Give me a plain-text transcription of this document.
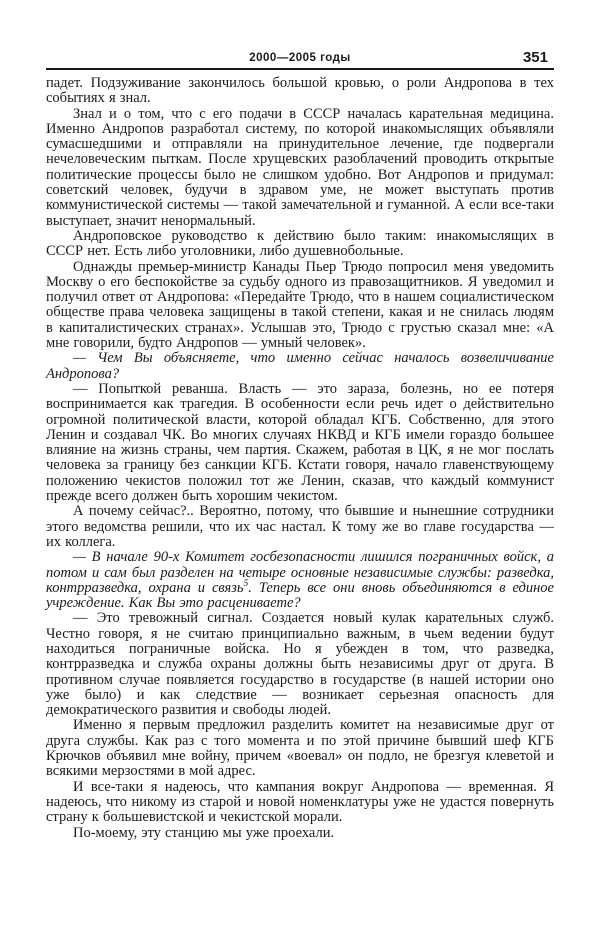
2000—2005 годы	351

падет. Подзуживание закончилось большой кровью, о роли Андропова в тех событиях я знал.

Знал и о том, что с его подачи в СССР началась карательная медицина. Именно Андропов разработал систему, по которой инакомыслящих объявляли сумасшедшими и отправляли на принудительное лечение, где подвергали нечеловеческим пыткам. После хрущевских разоблачений проводить открытые политические процессы было не слишком удобно. Вот Андропов и придумал: советский человек, будучи в здравом уме, не может выступать против коммунистической системы — такой замечательной и гуманной. А если все-таки выступает, значит ненормальный.

Андроповское руководство к действию было таким: инакомыслящих в СССР нет. Есть либо уголовники, либо душевнобольные.

Однажды премьер-министр Канады Пьер Трюдо попросил меня уведомить Москву о его беспокойстве за судьбу одного из правозащитников. Я уведомил и получил ответ от Андропова: «Передайте Трюдо, что в нашем социалистическом обществе права человека защищены в такой степени, какая и не снилась людям в капиталистических странах». Услышав это, Трюдо с грустью сказал мне: «А мне говорили, будто Андропов — умный человек».

— Чем Вы объясняете, что именно сейчас началось возвеличивание Андропова?

— Попыткой реванша. Власть — это зараза, болезнь, но ее потеря воспринимается как трагедия. В особенности если речь идет о действительно огромной политической власти, которой обладал КГБ. Собственно, для этого Ленин и создавал ЧК. Во многих случаях НКВД и КГБ имели гораздо большее влияние на жизнь страны, чем партия. Скажем, работая в ЦК, я не мог послать человека за границу без санкции КГБ. Кстати говоря, начало главенствующему положению чекистов положил тот же Ленин, сказав, что каждый коммунист прежде всего должен быть хорошим чекистом.

А почему сейчас?.. Вероятно, потому, что бывшие и нынешние сотрудники этого ведомства решили, что их час настал. К тому же во главе государства — их коллега.

— В начале 90-х Комитет госбезопасности лишился пограничных войск, а потом и сам был разделен на четыре основные независимые службы: разведка, контрразведка, охрана и связь$^5$. Теперь все они вновь объединяются в единое учреждение. Как Вы это расцениваете?

— Это тревожный сигнал. Создается новый кулак карательных служб. Честно говоря, я не считаю принципиально важным, в чьем ведении будут находиться пограничные войска. Но я убежден в том, что разведка, контрразведка и служба охраны должны быть независимы друг от друга. В противном случае появляется государство в государстве (в нашей истории оно уже было) и как следствие — возникает серьезная опасность для демократического развития и свободы людей.

Именно я первым предложил разделить комитет на независимые друг от друга службы. Как раз с того момента и по этой причине бывший шеф КГБ Крючков объявил мне войну, причем «воевал» он подло, не брезгуя клеветой и всякими мерзостями в мой адрес.

И все-таки я надеюсь, что кампания вокруг Андропова — временная. Я надеюсь, что никому из старой и новой номенклатуры уже не удастся повернуть страну к большевистской и чекистской морали.

По-моему, эту станцию мы уже проехали.
